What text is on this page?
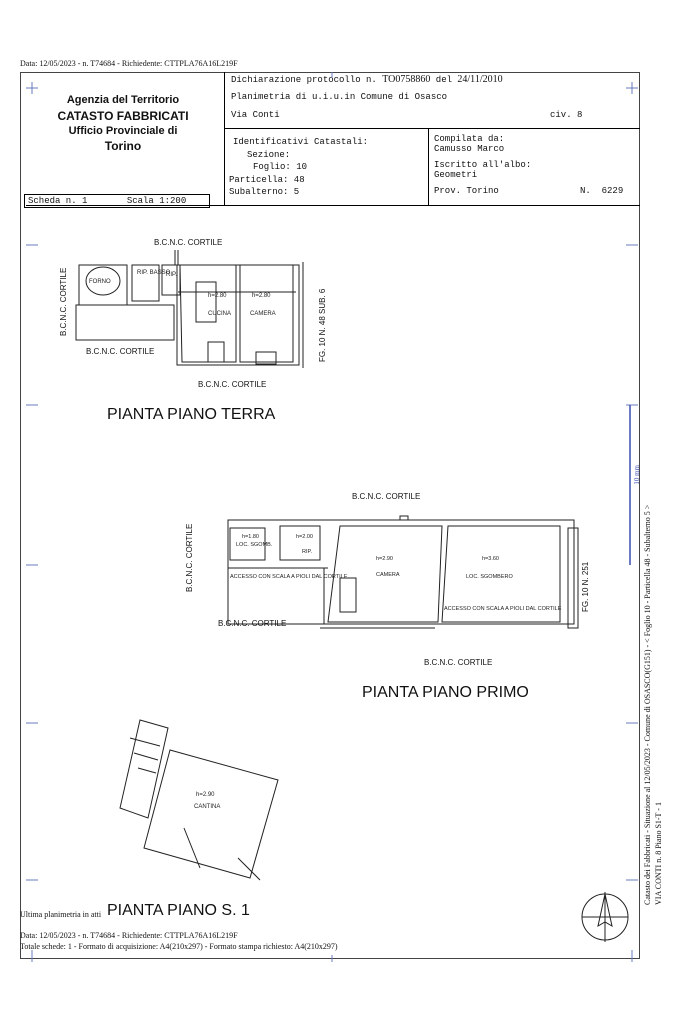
Data: 12/05/2023 - n. T74684 - Richiedente: CTTPLA76A16L219F
Agenzia del Territorio
CATASTO FABBRICATI
Ufficio Provinciale di
Torino
Dichiarazione protocollo n. TO0758860 del 24/11/2010
Planimetria di u.i.u.in Comune di Osasco
Via Conti	civ. 8
Identificativi Catastali:
Sezione:
Foglio: 10
Particella: 48
Subalterno: 5
Compilata da:
Camusso Marco
Iscritto all'albo:
Geometri
Prov. Torino	N. 6229
Scheda n. 1	Scala 1:200
10 mm
FORNO
RIP. BASSO
RIP.
h=2.80
CUCINA
h=2.80
CAMERA
B.C.N.C. CORTILE
B.C.N.C. CORTILE
B.C.N.C. CORTILE
B.C.N.C. CORTILE	FG. 10 N. 48 SUB. 6
PIANTA PIANO TERRA
h=1.80
LOC. SGOMB.
h=2.00
RIP.
h=2.90
CAMERA
h=3.60
LOC. SGOMBERO
ACCESSO CON SCALA A PIOLI DAL CORTILE
ACCESSO CON SCALA A PIOLI DAL CORTILE
B.C.N.C. CORTILE
B.C.N.C. CORTILE
B.C.N.C. CORTILE
B.C.N.C. CORTILE	FG. 10 N. 251
PIANTA PIANO PRIMO
h=2.90
CANTINA
PIANTA PIANO S. 1
Ultima planimetria in atti
Data: 12/05/2023 - n. T74684 - Richiedente: CTTPLA76A16L219F
Totale schede: 1 - Formato di acquisizione: A4(210x297) - Formato stampa richiesto: A4(210x297)
Catasto dei Fabbricati - Situazione al 12/05/2023 - Comune di OSASCO(G151) - < Foglio 10 - Particella 48 - Subalterno 5 > VIA CONTI n. 8 Piano S1-T - 1
